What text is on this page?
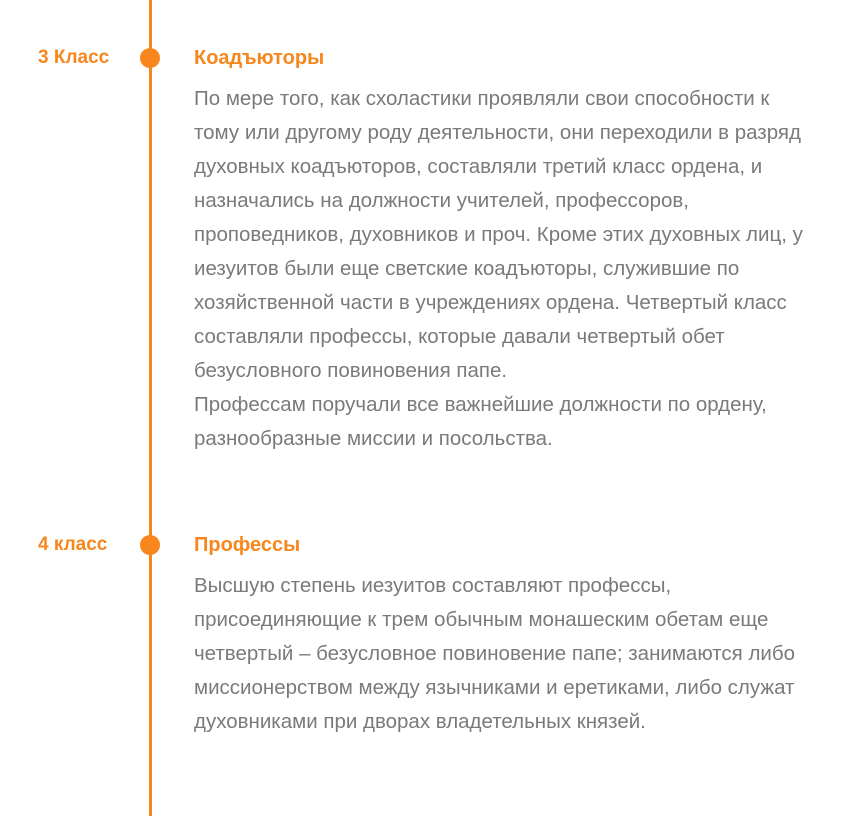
3 Класс	Коадъюторы

По мере того, как схоластики проявляли свои способности к тому или другому роду деятельности, они переходили в разряд духовных коадъюторов, составляли третий класс ордена, и назначались на должности учителей, профессоров, проповедников, духовников и проч. Кроме этих духовных лиц, у иезуитов были еще светские коадъюторы, служившие по хозяйственной части в учреждениях ордена. Четвертый класс составляли профессы, которые давали четвертый обет безусловного повиновения папе.

Профессам поручали все важнейшие должности по ордену, разнообразные миссии и посольства.

4 класс	Профессы

Высшую степень иезуитов составляют профессы, присоединяющие к трем обычным монашеским обетам еще четвертый – безусловное повиновение папе; занимаются либо миссионерством между язычниками и еретиками, либо служат духовниками при дворах владетельных князей.
